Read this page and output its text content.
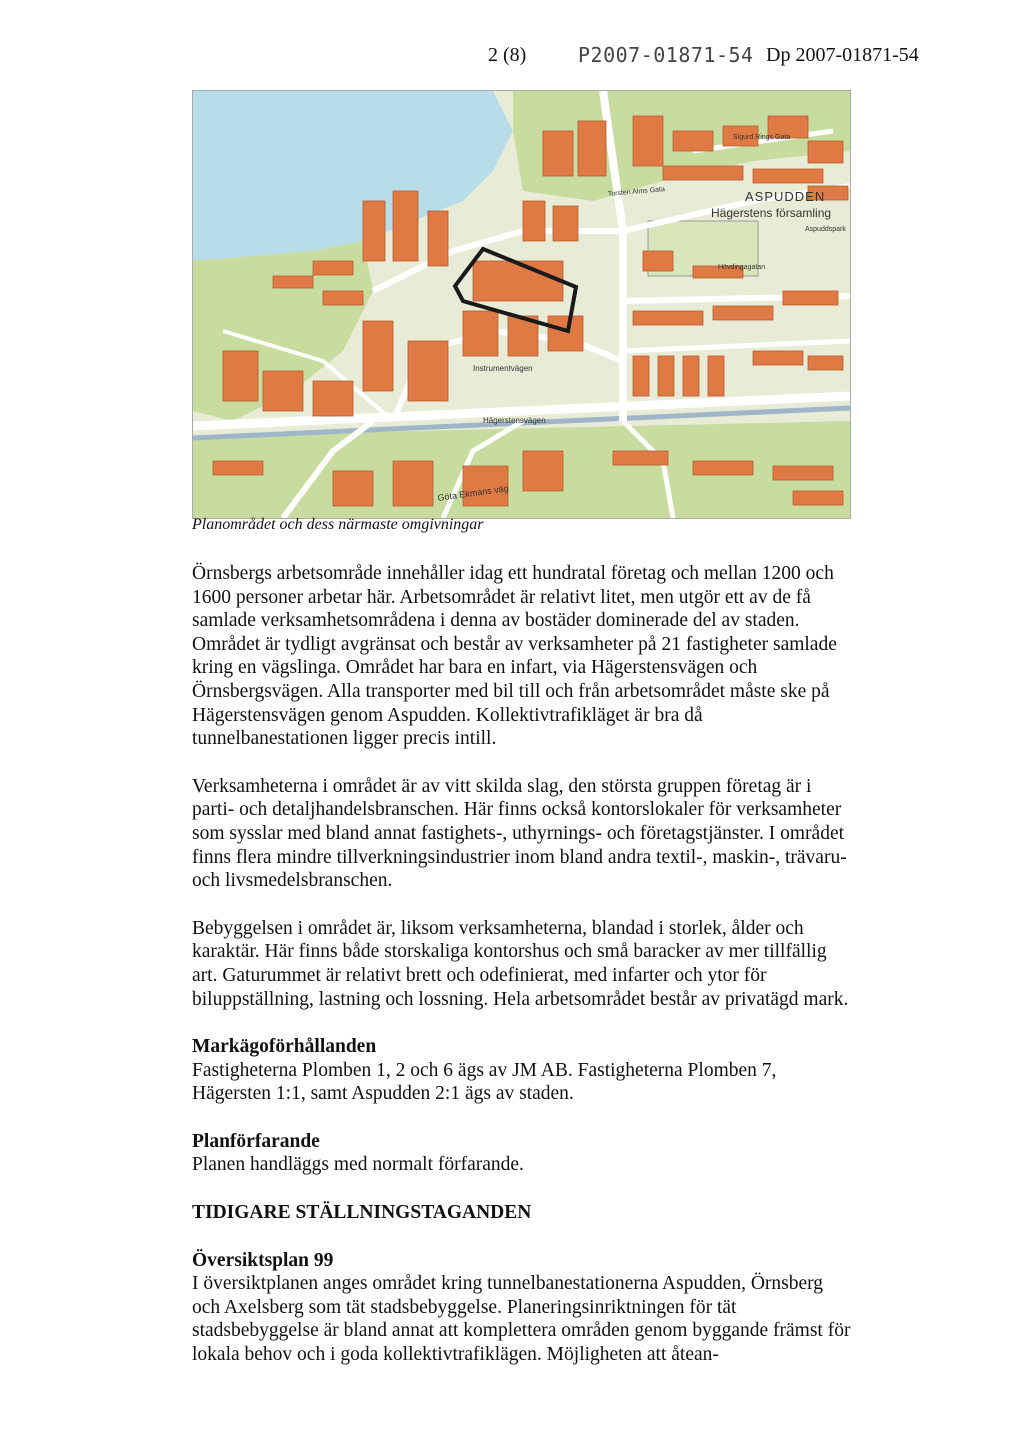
2 (8)	P2007-01871-54 Dp 2007-01871-54
ASPUDDEN
Hägerstens församling
Aspuddspark
Hägerstensvägen
Instrumentvägen
Göta Ekmans väg
Torsten Alms Gata
Sigurd Rings Gata
Hövdingagatan
Planområdet och dess närmaste omgivningar

Örnsbergs arbetsområde innehåller idag ett hundratal företag och mellan 1200 och 1600 personer arbetar här. Arbetsområdet är relativt litet, men utgör ett av de få samlade verksamhetsområdena i denna av bostäder dominerade del av staden. Området är tydligt avgränsat och består av verksamheter på 21 fastigheter samlade kring en vägslinga. Området har bara en infart, via Hägerstensvägen och Örnsbergsvägen. Alla transporter med bil till och från arbetsområdet måste ske på Hägerstensvägen genom Aspudden. Kollektivtrafikläget är bra då tunnelbanestationen ligger precis intill.

Verksamheterna i området är av vitt skilda slag, den största gruppen företag är i parti- och detaljhandelsbranschen. Här finns också kontorslokaler för verksamheter som sysslar med bland annat fastighets-, uthyrnings- och företagstjänster. I området finns flera mindre tillverkningsindustrier inom bland andra textil-, maskin-, trävaru- och livsmedelsbranschen.

Bebyggelsen i området är, liksom verksamheterna, blandad i storlek, ålder och karaktär. Här finns både storskaliga kontorshus och små baracker av mer tillfällig art. Gaturummet är relativt brett och odefinierat, med infarter och ytor för biluppställning, lastning och lossning. Hela arbetsområdet består av privatägd mark.

Markägoförhållanden

Fastigheterna Plomben 1, 2 och 6 ägs av JM AB. Fastigheterna Plomben 7, Hägersten 1:1, samt Aspudden 2:1 ägs av staden.

Planförfarande

Planen handläggs med normalt förfarande.

TIDIGARE STÄLLNINGSTAGANDEN
Översiktsplan 99

I översiktplanen anges området kring tunnelbanestationerna Aspudden, Örnsberg och Axelsberg som tät stadsbebyggelse. Planeringsinriktningen för tät stadsbebyggelse är bland annat att komplettera områden genom byggande främst för lokala behov och i goda kollektivtrafiklägen. Möjligheten att åtean-
